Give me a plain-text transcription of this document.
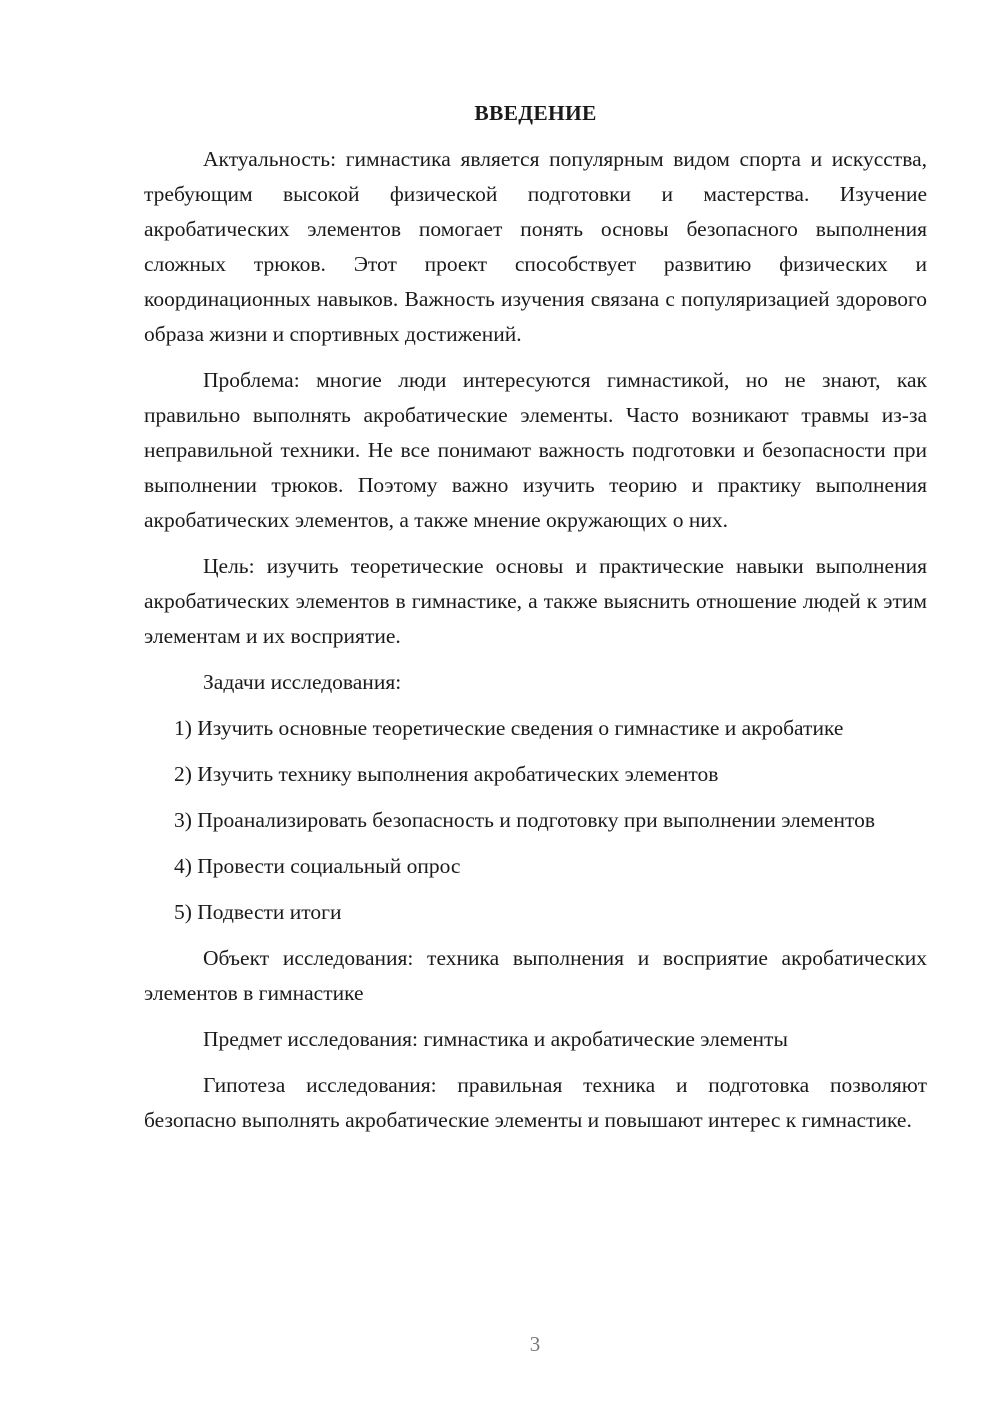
ВВЕДЕНИЕ

Актуальность: гимнастика является популярным видом спорта и искусства, требующим высокой физической подготовки и мастерства. Изучение акробатических элементов помогает понять основы безопасного выполнения сложных трюков. Этот проект способствует развитию физических и координационных навыков. Важность изучения связана с популяризацией здорового образа жизни и спортивных достижений.

Проблема: многие люди интересуются гимнастикой, но не знают, как правильно выполнять акробатические элементы. Часто возникают травмы из-за неправильной техники. Не все понимают важность подготовки и безопасности при выполнении трюков. Поэтому важно изучить теорию и практику выполнения акробатических элементов, а также мнение окружающих о них.

Цель: изучить теоретические основы и практические навыки выполнения акробатических элементов в гимнастике, а также выяснить отношение людей к этим элементам и их восприятие.

Задачи исследования:

1) Изучить основные теоретические сведения о гимнастике и акробатике

2) Изучить технику выполнения акробатических элементов

3) Проанализировать безопасность и подготовку при выполнении элементов

4) Провести социальный опрос

5) Подвести итоги

Объект исследования: техника выполнения и восприятие акробатических элементов в гимнастике

Предмет исследования: гимнастика и акробатические элементы

Гипотеза исследования: правильная техника и подготовка позволяют безопасно выполнять акробатические элементы и повышают интерес к гимнастике.

3
